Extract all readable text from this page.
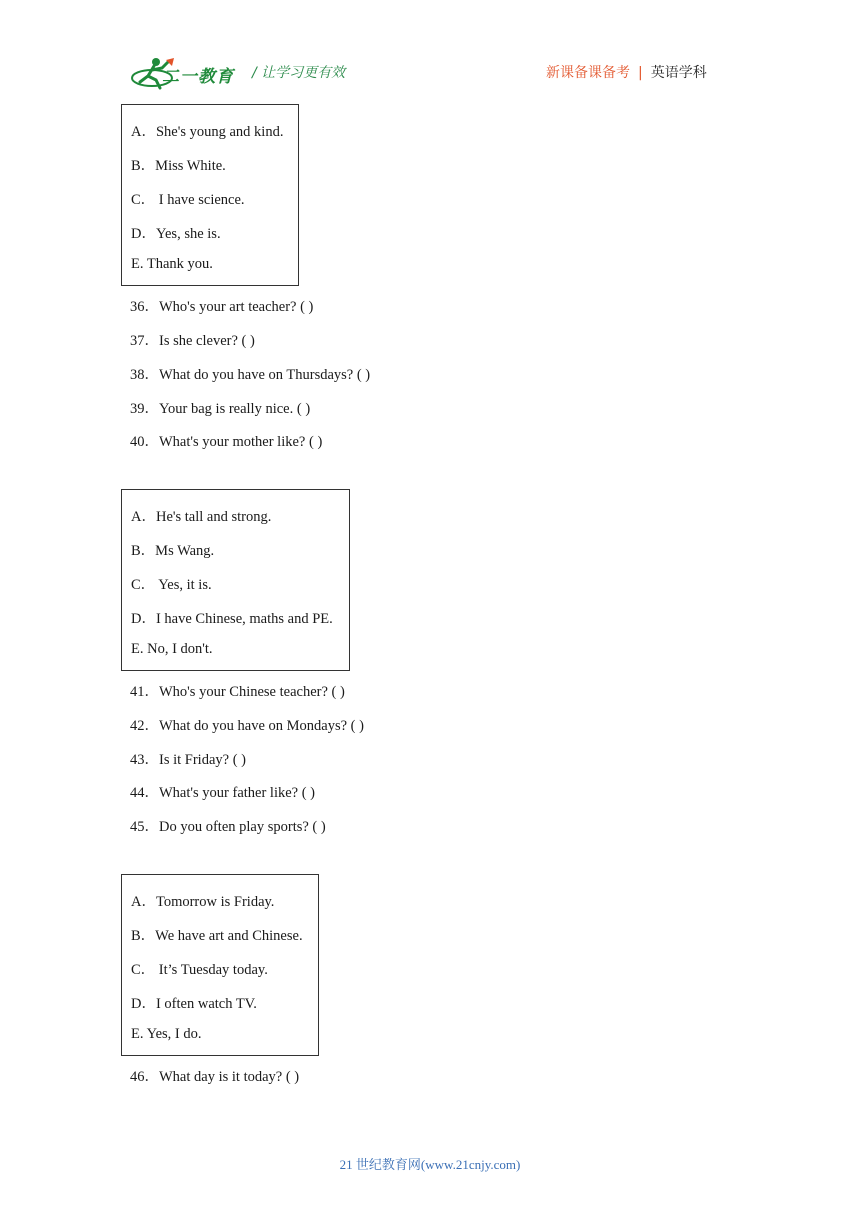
二一教育 / 让学习更有效	新课备课备考 | 英语学科
A．She's young and kind.
B．Miss White.
C． I have science.
D．Yes, she is.
E. Thank you.
36．Who's your art teacher? ( )
37．Is she clever? ( )
38．What do you have on Thursdays? ( )
39．Your bag is really nice. ( )
40．What's your mother like? ( )
A．He's tall and strong.
B．Ms Wang.
C． Yes, it is.
D．I have Chinese, maths and PE.
E. No, I don't.
41．Who's your Chinese teacher? ( )
42．What do you have on Mondays? ( )
43．Is it Friday? ( )
44．What's your father like? ( )
45．Do you often play sports? ( )
A．Tomorrow is Friday.
B．We have art and Chinese.
C． It’s Tuesday today.
D．I often watch TV.
E. Yes, I do.
46．What day is it today? ( )
21 世纪教育网(www.21cnjy.com)
